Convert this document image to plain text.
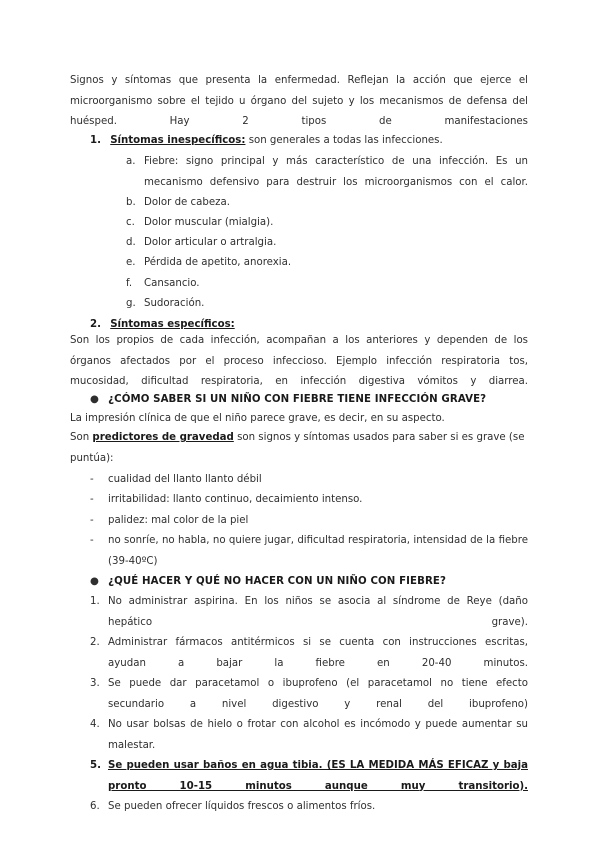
Signos y síntomas que presenta la enfermedad. Reflejan la acción que ejerce el microorganismo sobre el tejido u órgano del sujeto y los mecanismos de defensa del huésped. Hay 2 tipos de manifestaciones
1. Síntomas inespecíficos: son generales a todas las infecciones.
a. Fiebre: signo principal y más característico de una infección. Es un mecanismo defensivo para destruir los microorganismos con el calor.
b. Dolor de cabeza.
c. Dolor muscular (mialgia).
d. Dolor articular o artralgia.
e. Pérdida de apetito, anorexia.
f. Cansancio.
g. Sudoración.
2. Síntomas específicos:
Son los propios de cada infección, acompañan a los anteriores y dependen de los órganos afectados por el proceso infeccioso. Ejemplo infección respiratoria tos, mucosidad, dificultad respiratoria, en infección digestiva vómitos y diarrea.
● ¿CÓMO SABER SI UN NIÑO CON FIEBRE TIENE INFECCIÓN GRAVE?
La impresión clínica de que el niño parece grave, es decir, en su aspecto.
Son predictores de gravedad son signos y síntomas usados para saber si es grave (se puntúa):
- cualidad del llanto llanto débil
- irritabilidad: llanto continuo, decaimiento intenso.
- palidez: mal color de la piel
- no sonríe, no habla, no quiere jugar, dificultad respiratoria, intensidad de la fiebre (39-40ºC)
● ¿QUÉ HACER Y QUÉ NO HACER CON UN NIÑO CON FIEBRE?
1. No administrar aspirina. En los niños se asocia al síndrome de Reye (daño hepático grave).
2. Administrar fármacos antitérmicos si se cuenta con instrucciones escritas, ayudan a bajar la fiebre en 20-40 minutos.
3. Se puede dar paracetamol o ibuprofeno (el paracetamol no tiene efecto secundario a nivel digestivo y renal del ibuprofeno)
4. No usar bolsas de hielo o frotar con alcohol es incómodo y puede aumentar su malestar.
5. Se pueden usar baños en agua tibia. (ES LA MEDIDA MÁS EFICAZ y baja pronto 10-15 minutos aunque muy transitorio).
6. Se pueden ofrecer líquidos frescos o alimentos fríos.
